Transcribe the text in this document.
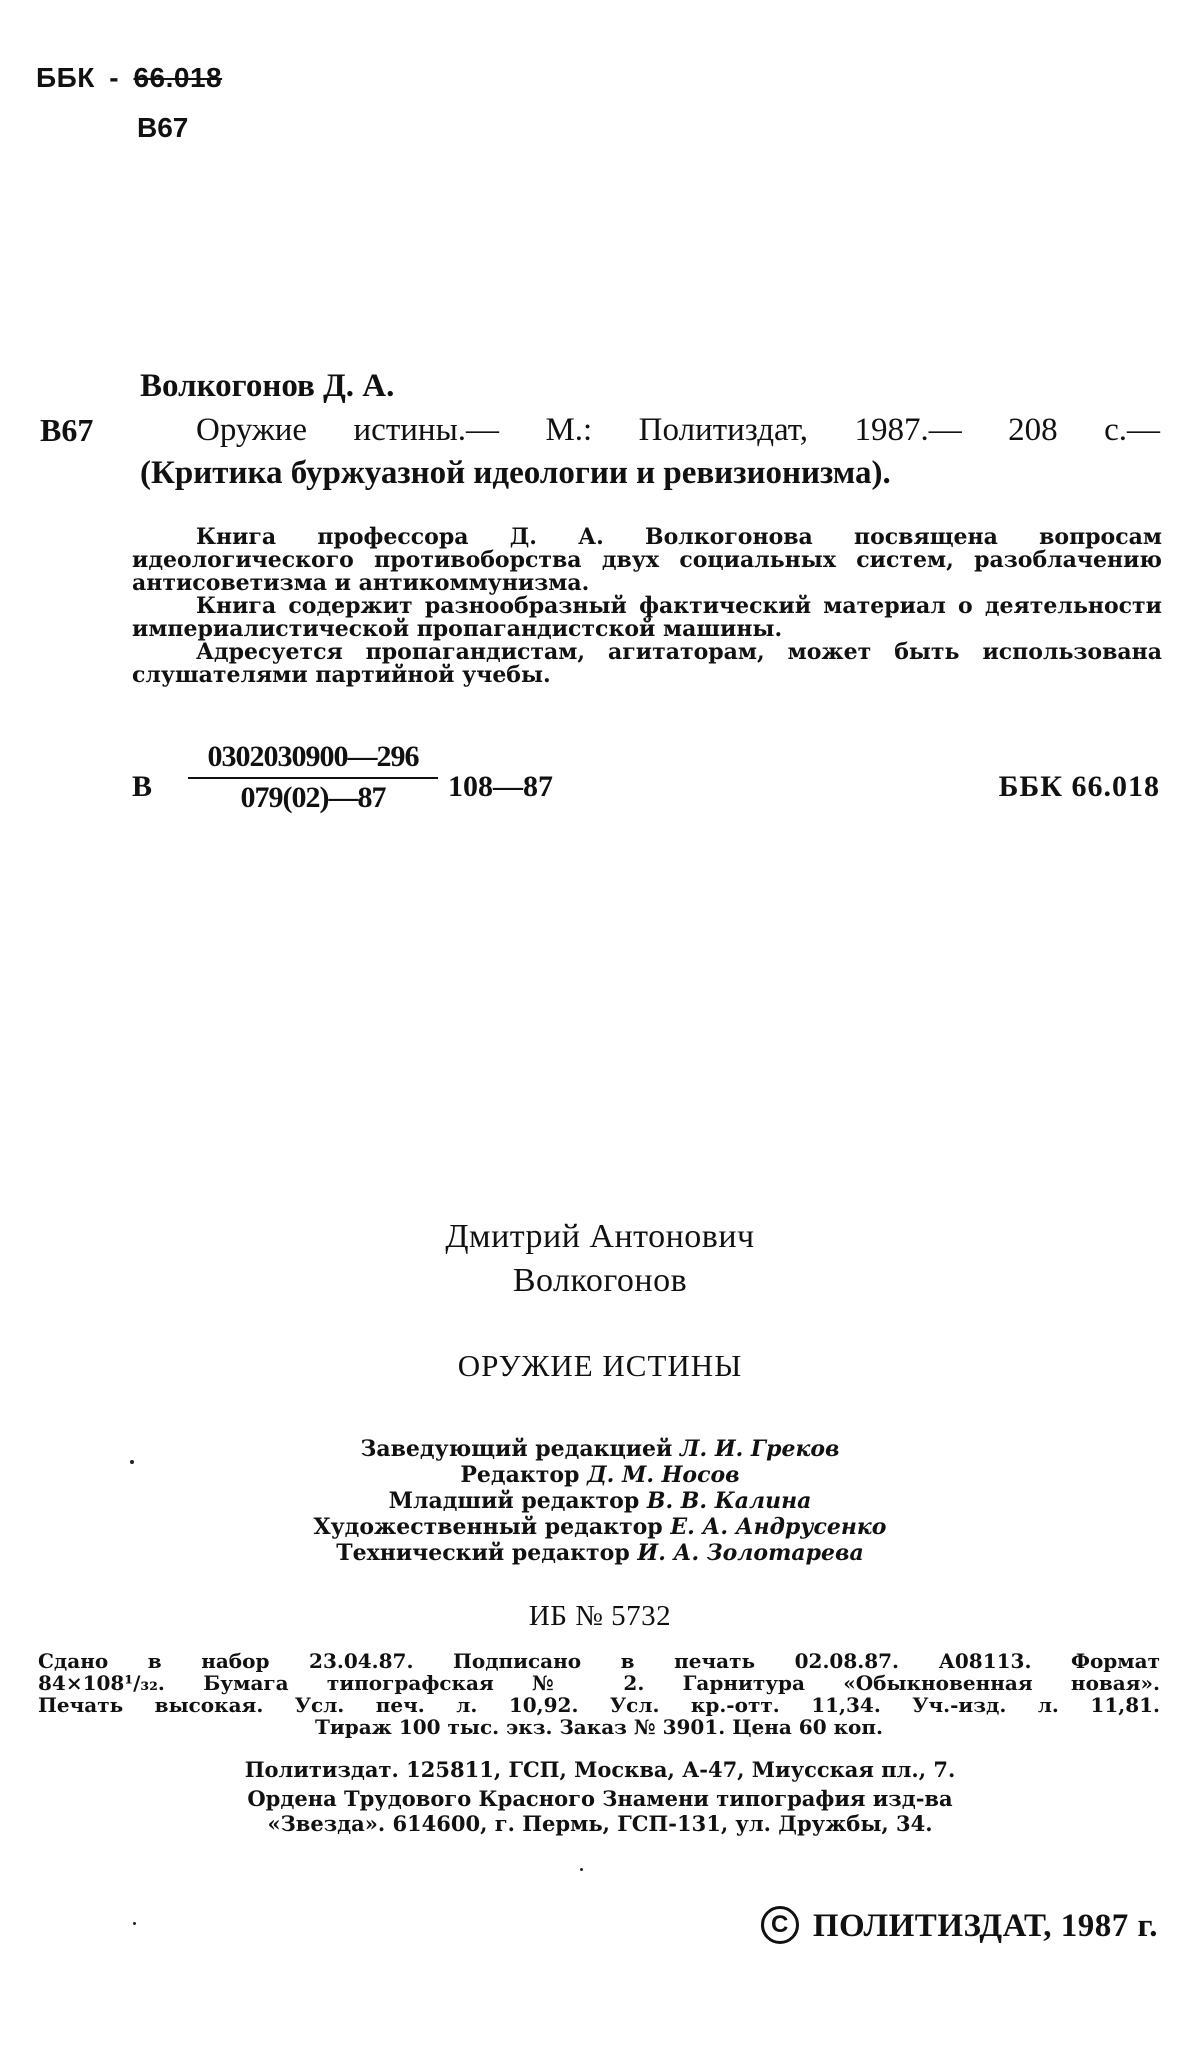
ББК  -  66.018
В67
Волкогонов Д. А.
В67	Оружие истины.— М.: Политиздат, 1987.— 208 с.—
(Критика буржуазной идеологии и ревизионизма).

Книга профессора Д. А. Волкогонова посвящена вопросам идеологического противоборства двух социальных систем, разоблачению антисоветизма и антикоммунизма.

Книга содержит разнообразный фактический материал о деятельности империалистической пропагандистской машины.

Адресуется пропагандистам, агитаторам, может быть использована слушателями партийной учебы.

В $\frac{0302030900—296}{079(02)—87}$ 108—87	ББК 66.018
Дмитрий Антонович
Волкогонов
ОРУЖИЕ ИСТИНЫ
Заведующий редакцией Л. И. Греков
Редактор Д. М. Носов
Младший редактор В. В. Калина
Художественный редактор Е. А. Андрусенко
Технический редактор И. А. Золотарева
ИБ № 5732
Сдано в набор 23.04.87. Подписано в печать 02.08.87. А08113. Формат
84×108¹/₃₂. Бумага типографская № 2. Гарнитура «Обыкновенная новая».
Печать высокая. Усл. печ. л. 10,92. Усл. кр.-отт. 11,34. Уч.-изд. л. 11,81.
Тираж 100 тыс. экз. Заказ № 3901. Цена 60 коп.
Политиздат. 125811, ГСП, Москва, А-47, Миусская пл., 7.
Ордена Трудового Красного Знамени типография изд-ва
«Звезда». 614600, г. Пермь, ГСП-131, ул. Дружбы, 34.
C ПОЛИТИЗДАТ, 1987 г.
